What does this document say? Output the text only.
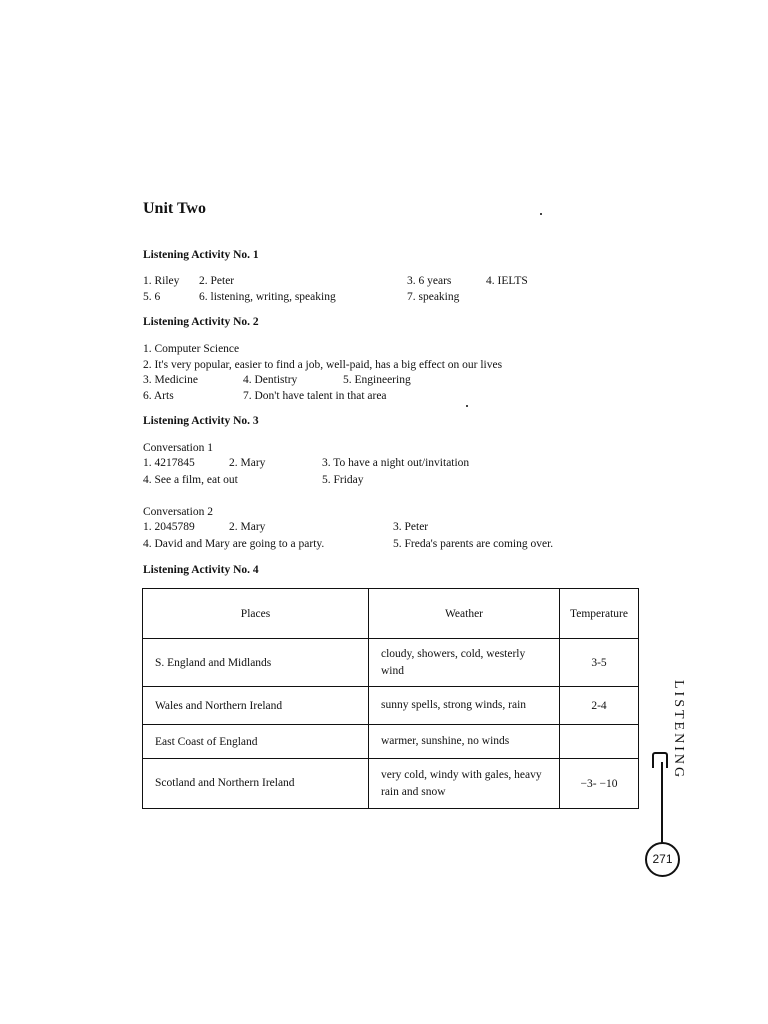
Unit Two
Listening Activity No. 1
1. Riley 2. Peter	3. 6 years	4. IELTS
5. 6	6. listening, writing, speaking	7. speaking
Listening Activity No. 2
1. Computer Science
2. It's very popular, easier to find a job, well-paid, has a big effect on our lives
3. Medicine	4. Dentistry	5. Engineering
6. Arts	7. Don't have talent in that area
Listening Activity No. 3
Conversation 1
1. 4217845	2. Mary	3. To have a night out/invitation
4. See a film, eat out	5. Friday
Conversation 2
1. 2045789	2. Mary	3. Peter
4. David and Mary are going to a party.	5. Freda's parents are coming over.
Listening Activity No. 4
Places	Weather	Temperature
S. England and Midlands	cloudy, showers, cold, westerly wind	3-5
Wales and Northern Ireland	sunny spells, strong winds, rain	2-4
East Coast of England	warmer, sunshine, no winds	
Scotland and Northern Ireland	very cold, windy with gales, heavy rain and snow	−3- −10
LISTENING
271
